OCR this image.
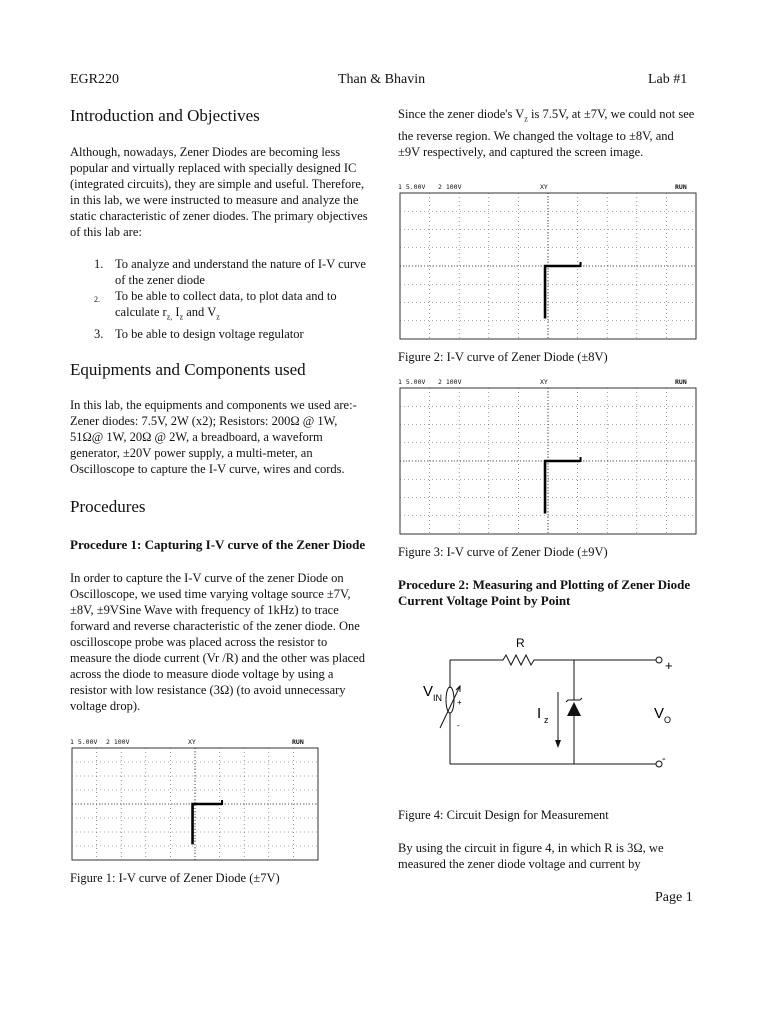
EGR220	Than & Bhavin	Lab #1
Introduction and Objectives

Although, nowadays, Zener Diodes are becoming less popular and virtually replaced with specially designed IC (integrated circuits), they are simple and useful. Therefore, in this lab, we were instructed to measure and analyze the static characteristic of zener diodes. The primary objectives of this lab are:

1. To analyze and understand the nature of I-V curve of the zener diode
2. To be able to collect data, to plot data and to calculate $r_{z,}$ $I_z$ and $V_z$
3. To be able to design voltage regulator
Equipments and Components used

In this lab, the equipments and components we used are:- Zener diodes: 7.5V, 2W (x2); Resistors: 200Ω @ 1W, 51Ω@ 1W, 20Ω @ 2W, a breadboard, a waveform generator, ±20V power supply, a multi-meter, an Oscilloscope to capture the I-V curve, wires and cords.

Procedures

Procedure 1: Capturing I-V curve of the Zener Diode

In order to capture the I-V curve of the zener Diode on Oscilloscope, we used time varying voltage source ±7V, ±8V, ±9VSine Wave with frequency of 1kHz) to trace forward and reverse characteristic of the zener diode. One oscilloscope probe was placed across the resistor to measure the diode current (Vr /R) and the other was placed across the diode to measure diode voltage by using a resistor with low resistance (3Ω) (to avoid unnecessary voltage drop).

1 5.00V 2 100V	XY	RUN
Figure 1: I-V curve of Zener Diode (±7V)
Since the zener diode's $V_z$ is 7.5V, at ±7V, we could not see the reverse region. We changed the voltage to ±8V, and ±9V respectively, and captured the screen image.
1 5.00V 2 100V	XY	RUN
Figure 2: I-V curve of Zener Diode (±8V)
1 5.00V 2 100V	XY	RUN
Figure 3: I-V curve of Zener Diode (±9V)
Procedure 2: Measuring and Plotting of Zener Diode Current Voltage Point by Point
R
V IN +
-
I z	V O
+
-
Figure 4: Circuit Design for Measurement
By using the circuit in figure 4, in which R is 3Ω, we measured the zener diode voltage and current by
Page 1
